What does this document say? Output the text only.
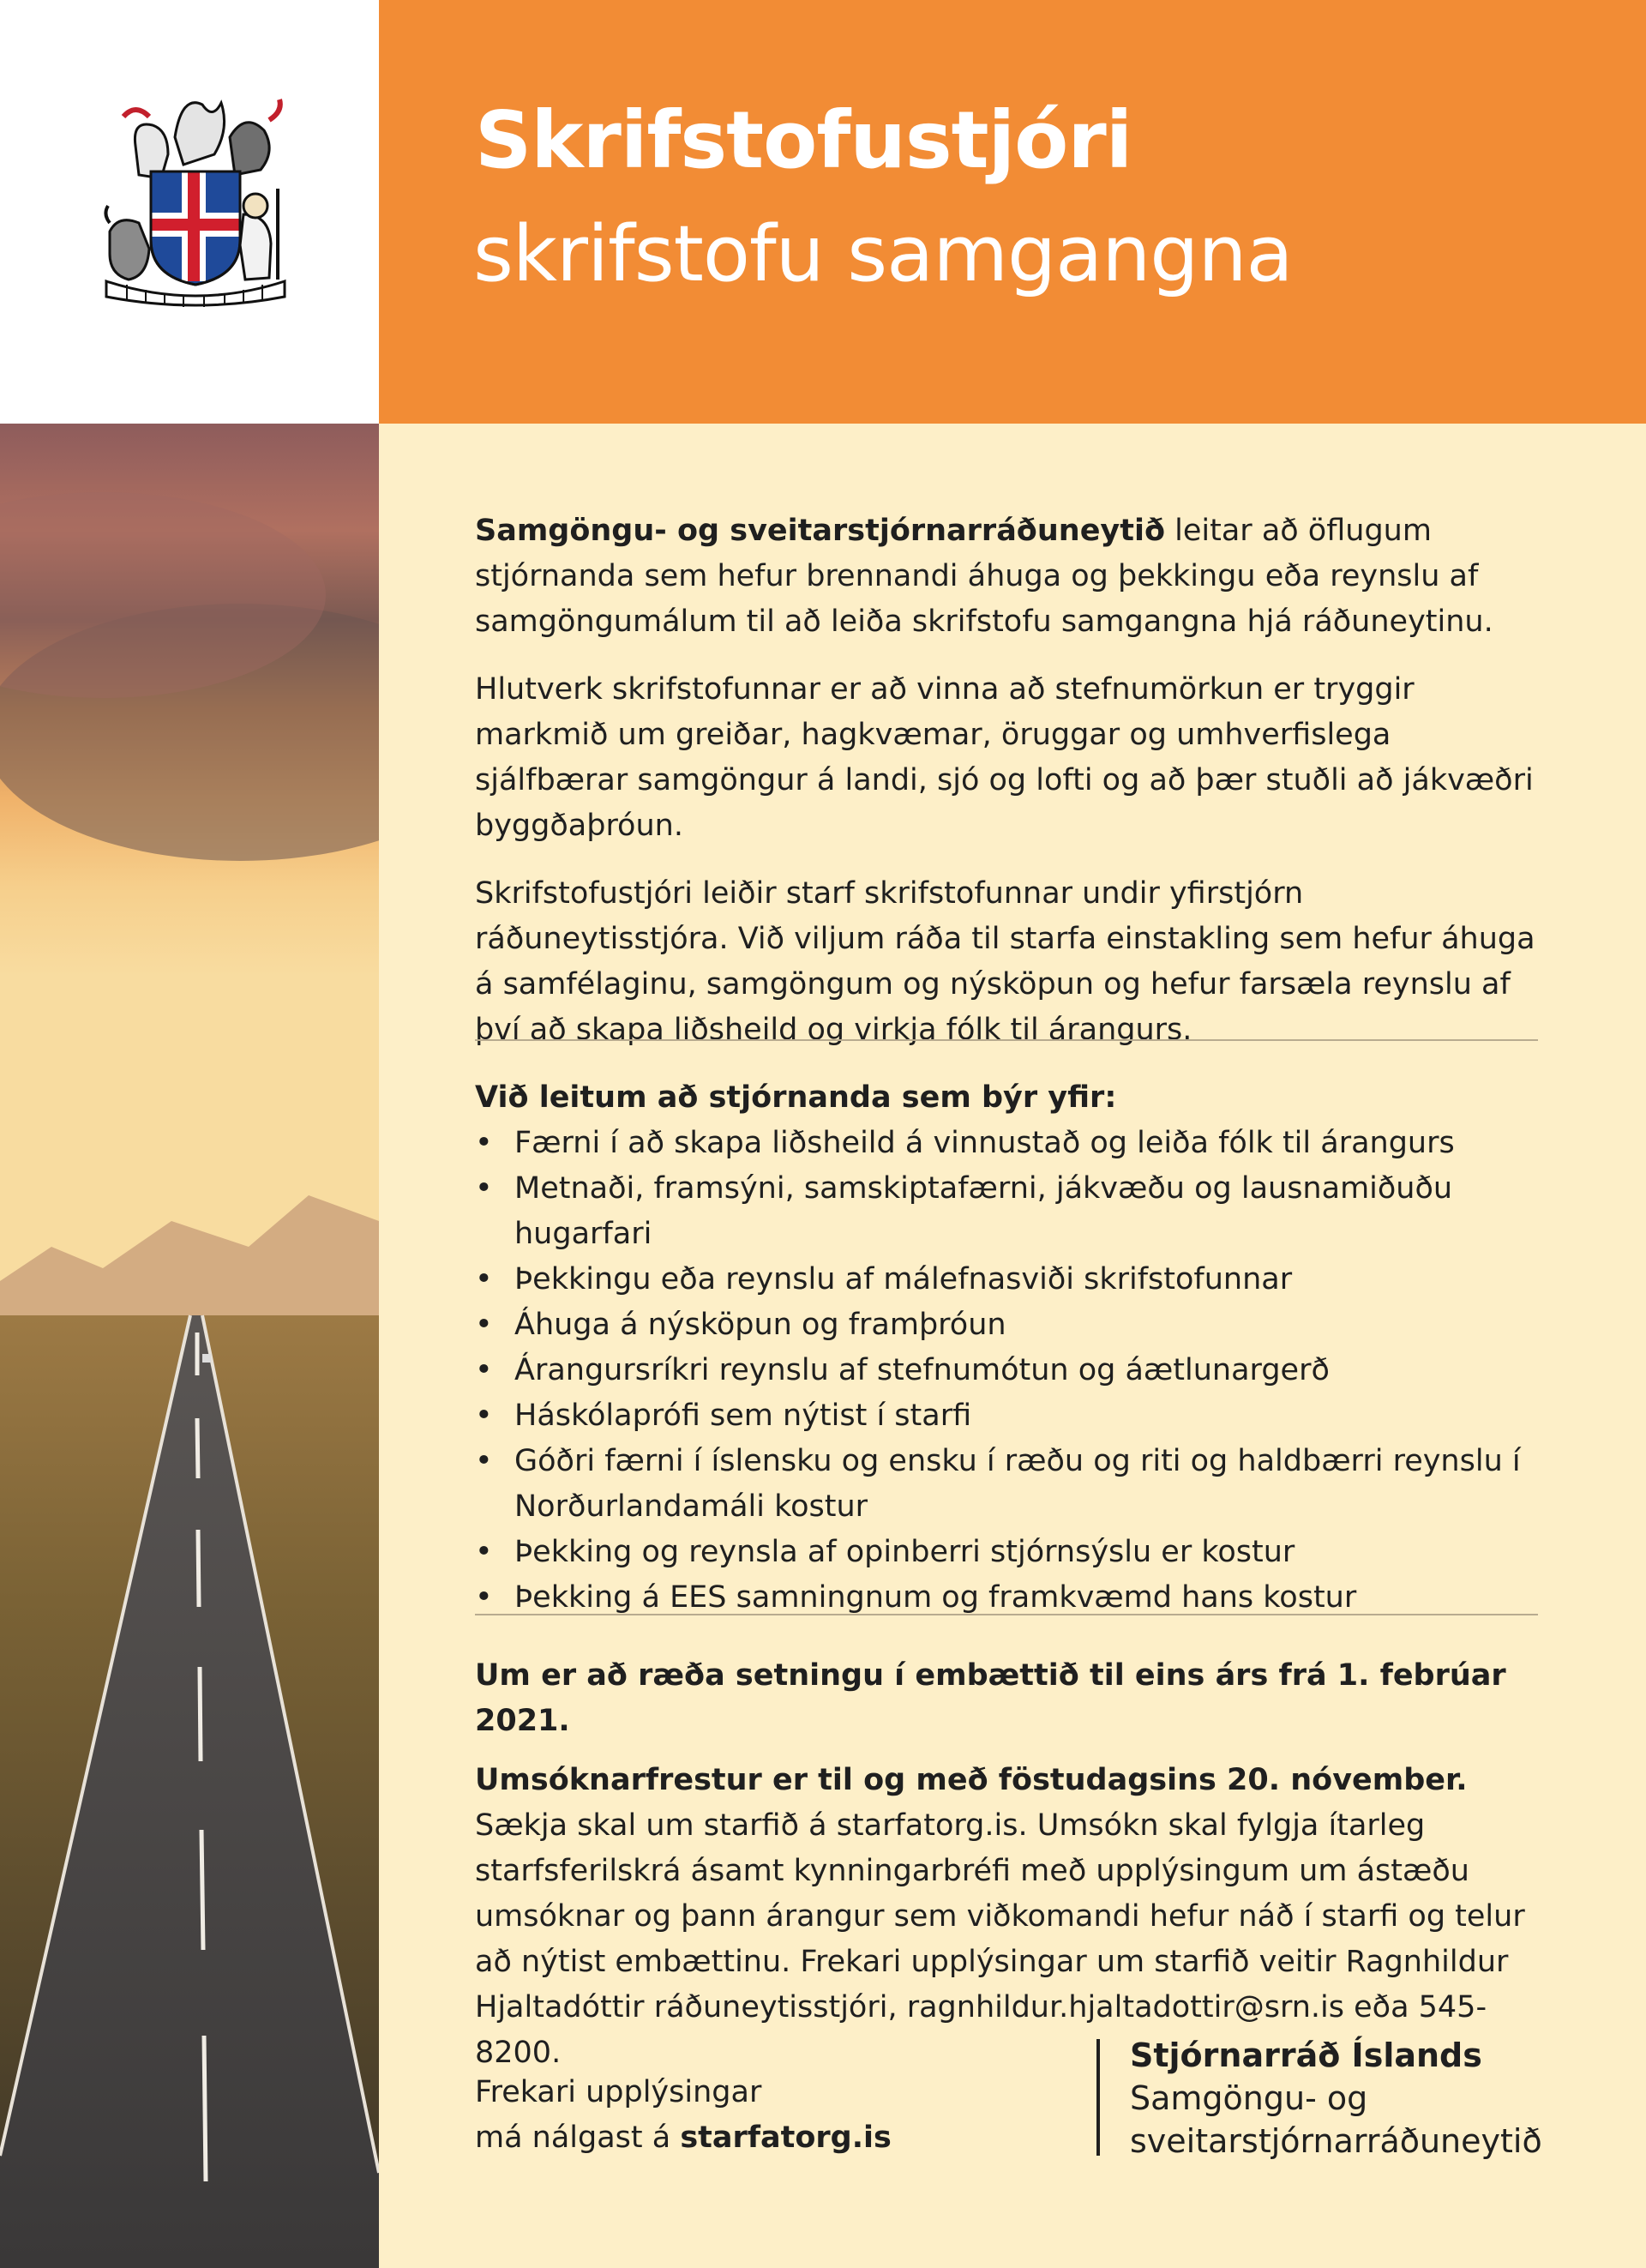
Skrifstofustjóri
skrifstofu samgangna

Samgöngu- og sveitarstjórnarráðuneytið leitar að öflugum stjórnanda sem hefur brennandi áhuga og þekkingu eða reynslu af samgöngumálum til að leiða skrifstofu samgangna hjá ráðuneytinu.

Hlutverk skrifstofunnar er að vinna að stefnumörkun er tryggir markmið um greiðar, hagkvæmar, öruggar og umhverfislega sjálfbærar samgöngur á landi, sjó og lofti og að þær stuðli að jákvæðri byggðaþróun.

Skrifstofustjóri leiðir starf skrifstofunnar undir yfirstjórn ráðuneytisstjóra. Við viljum ráða til starfa einstakling sem hefur áhuga á samfélaginu, samgöngum og nýsköpun og hefur farsæla reynslu af því að skapa liðsheild og virkja fólk til árangurs.

Við leitum að stjórnanda sem býr yfir:
• Færni í að skapa liðsheild á vinnustað og leiða fólk til árangurs
• Metnaði, framsýni, samskiptafærni, jákvæðu og lausnamiðuðu hugarfari
• Þekkingu eða reynslu af málefnasviði skrifstofunnar
• Áhuga á nýsköpun og framþróun
• Árangursríkri reynslu af stefnumótun og áætlunargerð
• Háskólaprófi sem nýtist í starfi
• Góðri færni í íslensku og ensku í ræðu og riti og haldbærri reynslu í Norðurlandamáli kostur
• Þekking og reynsla af opinberri stjórnsýslu er kostur
• Þekking á EES samningnum og framkvæmd hans kostur

Um er að ræða setningu í embættið til eins árs frá 1. febrúar 2021.

Umsóknarfrestur er til og með föstudagsins 20. nóvember.
Sækja skal um starfið á starfatorg.is. Umsókn skal fylgja ítarleg starfsferilskrá ásamt kynningarbréfi með upplýsingum um ástæðu umsóknar og þann árangur sem viðkomandi hefur náð í starfi og telur að nýtist embættinu. Frekari upplýsingar um starfið veitir Ragnhildur Hjaltadóttir ráðuneytisstjóri, ragnhildur.hjaltadottir@srn.is eða 545-8200.
Frekari upplýsingar
má nálgast á starfatorg.is
Stjórnarráð Íslands
Samgöngu- og
sveitarstjórnarráðuneytið
